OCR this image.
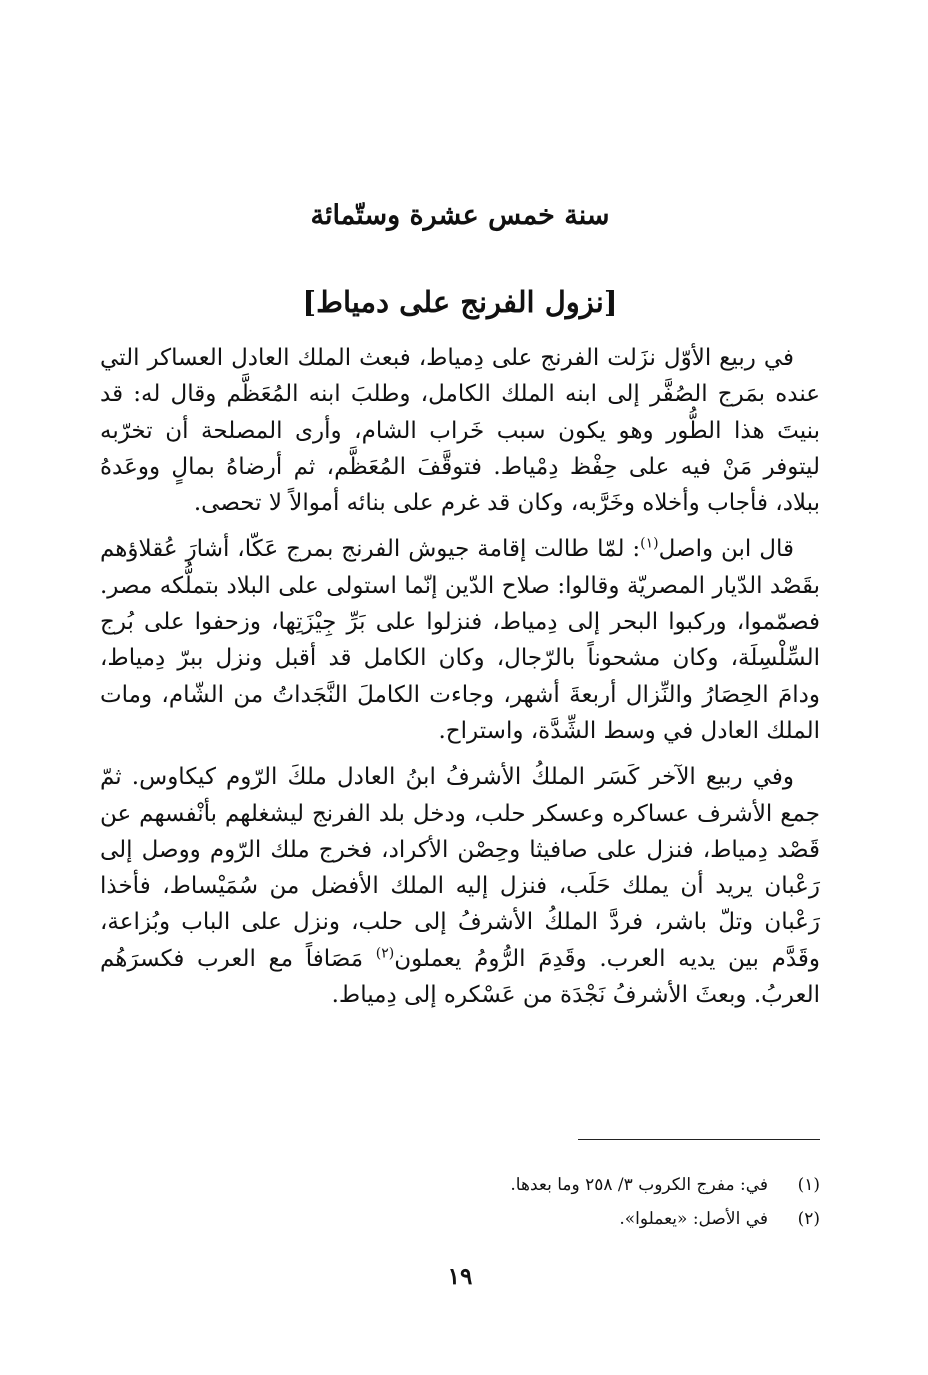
سنة خمس عشرة وستّمائة
[نزول الفرنج على دمياط]

في ربيع الأوّل نزَلت الفرنج على دِمياط، فبعث الملك العادل العساكر التي عنده بمَرج الصُفَّر إلى ابنه الملك الكامل، وطلبَ ابنه المُعَظَّم وقال له: قد بنيتَ هذا الطُّور وهو يكون سبب خَراب الشام، وأرى المصلحة أن تخرّبه ليتوفر مَنْ فيه على حِفْظ دِمْياط. فتوقَّفَ المُعَظَّم، ثم أرضاهُ بمالٍ ووعَدهُ ببلاد، فأجاب وأخلاه وخَرَّبه، وكان قد غرم على بنائه أموالاً لا تحصى.

قال ابن واصل$^{(١)}$: لمّا طالت إقامة جيوش الفرنج بمرج عَكّا، أشارَ عُقلاؤهم بقَصْد الدّيار المصريّة وقالوا: صلاح الدّين إنّما استولى على البلاد بتملُّكه مصر. فصمّموا، وركبوا البحر إلى دِمياط، فنزلوا على بَرِّ جِيْزَتِها، وزحفوا على بُرج السِّلْسِلَة، وكان مشحوناً بالرّجال، وكان الكامل قد أقبل ونزل ببرّ دِمياط، ودامَ الحِصَارُ والنِّزال أربعةَ أشهر، وجاءت الكاملَ النَّجَداتُ من الشّام، ومات الملك العادل في وسط الشِّدَّة، واستراح.

وفي ربيع الآخر كَسَر الملكُ الأشرفُ ابنُ العادل ملكَ الرّوم كيكاوس. ثمّ جمع الأشرف عساكره وعسكر حلب، ودخل بلد الفرنج ليشغلهم بأنْفسهم عن قَصْد دِمياط، فنزل على صافيثا وحِصْن الأكراد، فخرج ملك الرّوم ووصل إلى رَعْبان يريد أن يملك حَلَب، فنزل إليه الملك الأفضل من سُمَيْساط، فأخذا رَعْبان وتلّ باشر، فردَّ الملكُ الأشرفُ إلى حلب، ونزل على الباب وبُزاعة، وقَدَّم بين يديه العرب. وقَدِمَ الرُّومُ يعملون$^{(٢)}$ مَصَافاً مع العرب فكسرَهُم العربُ. وبعثَ الأشرفُ نَجْدَة من عَسْكره إلى دِمياط.

(١)
في: مفرج الكروب ٣/ ٢٥٨ وما بعدها.
(٢)
في الأصل: «يعملوا».
١٩
